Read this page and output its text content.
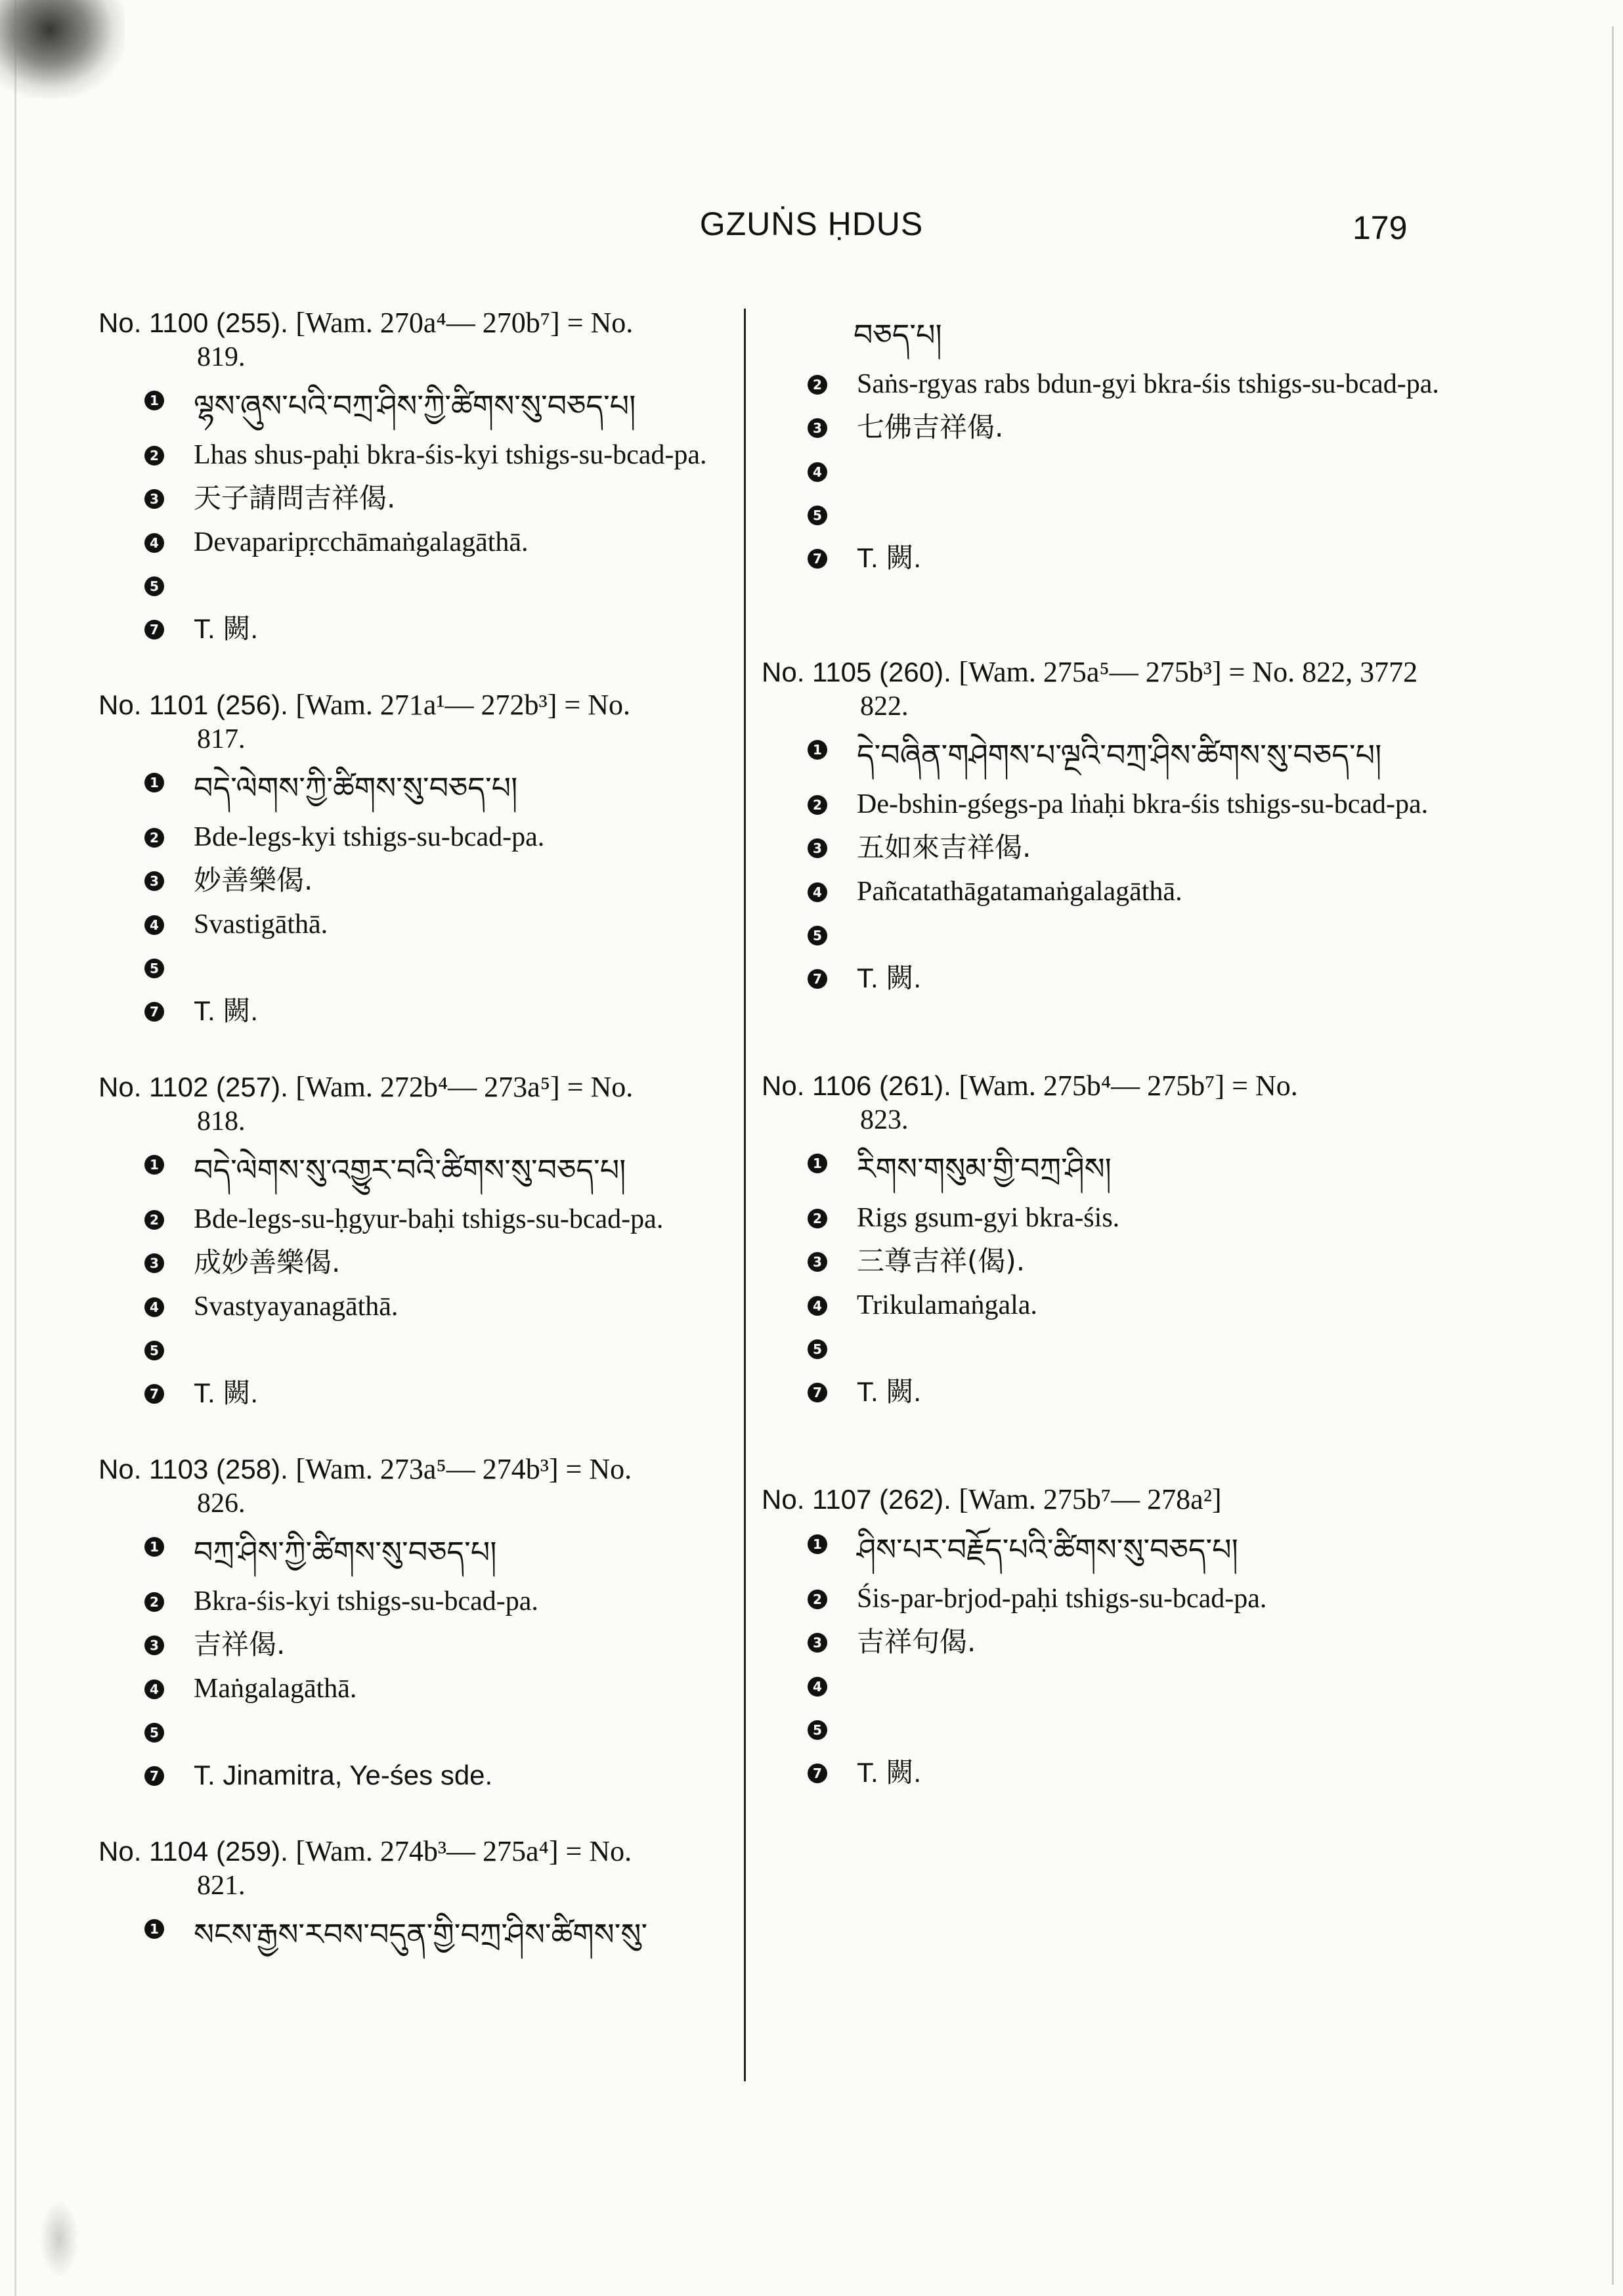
GZUṄS ḤDUS	179
No. 1100 (255). [Wam. 270a⁴— 270b⁷] = No.
819.
1 ལྷས་ཞུས་པའི་བཀྲ་ཤིས་ཀྱི་ཚིགས་སུ་བཅད་པ།
2 Lhas shus-paḥi bkra-śis-kyi tshigs-su-bcad-pa.
3 天子請問吉祥偈.
4 Devaparipṛcchāmaṅgalagāthā.
5
7 T. 闕.
No. 1101 (256). [Wam. 271a¹— 272b³] = No.
817.
1 བདེ་ལེགས་ཀྱི་ཚིགས་སུ་བཅད་པ།
2 Bde-legs-kyi tshigs-su-bcad-pa.
3 妙善樂偈.
4 Svastigāthā.
5
7 T. 闕.
No. 1102 (257). [Wam. 272b⁴— 273a⁵] = No.
818.
1 བདེ་ལེགས་སུ་འགྱུར་བའི་ཚིགས་སུ་བཅད་པ།
2 Bde-legs-su-ḥgyur-baḥi tshigs-su-bcad-pa.
3 成妙善樂偈.
4 Svastyayanagāthā.
5
7 T. 闕.
No. 1103 (258). [Wam. 273a⁵— 274b³] = No.
826.
1 བཀྲ་ཤིས་ཀྱི་ཚིགས་སུ་བཅད་པ།
2 Bkra-śis-kyi tshigs-su-bcad-pa.
3 吉祥偈.
4 Maṅgalagāthā.
5
7 T. Jinamitra, Ye-śes sde.
No. 1104 (259). [Wam. 274b³— 275a⁴] = No.
821.
1 སངས་རྒྱས་རབས་བདུན་གྱི་བཀྲ་ཤིས་ཚིགས་སུ་
བཅད་པ།
2 Saṅs-rgyas rabs bdun-gyi bkra-śis tshigs-su-bcad-pa.
3 七佛吉祥偈.
4
5
7 T. 闕.
No. 1105 (260). [Wam. 275a⁵— 275b³] = No. 822, 3772
822.
1 དེ་བཞིན་གཤེགས་པ་ལྔའི་བཀྲ་ཤིས་ཚིགས་སུ་བཅད་པ།
2 De-bshin-gśegs-pa lṅaḥi bkra-śis tshigs-su-bcad-pa.
3 五如來吉祥偈.
4 Pañcatathāgatamaṅgalagāthā.
5
7 T. 闕.
No. 1106 (261). [Wam. 275b⁴— 275b⁷] = No.
823.
1 རིགས་གསུམ་གྱི་བཀྲ་ཤིས།
2 Rigs gsum-gyi bkra-śis.
3 三尊吉祥(偈).
4 Trikulamaṅgala.
5
7 T. 闕.
No. 1107 (262). [Wam. 275b⁷— 278a²]
1 ཤིས་པར་བརྗོད་པའི་ཚིགས་སུ་བཅད་པ།
2 Śis-par-brjod-paḥi tshigs-su-bcad-pa.
3 吉祥句偈.
4
5
7 T. 闕.
